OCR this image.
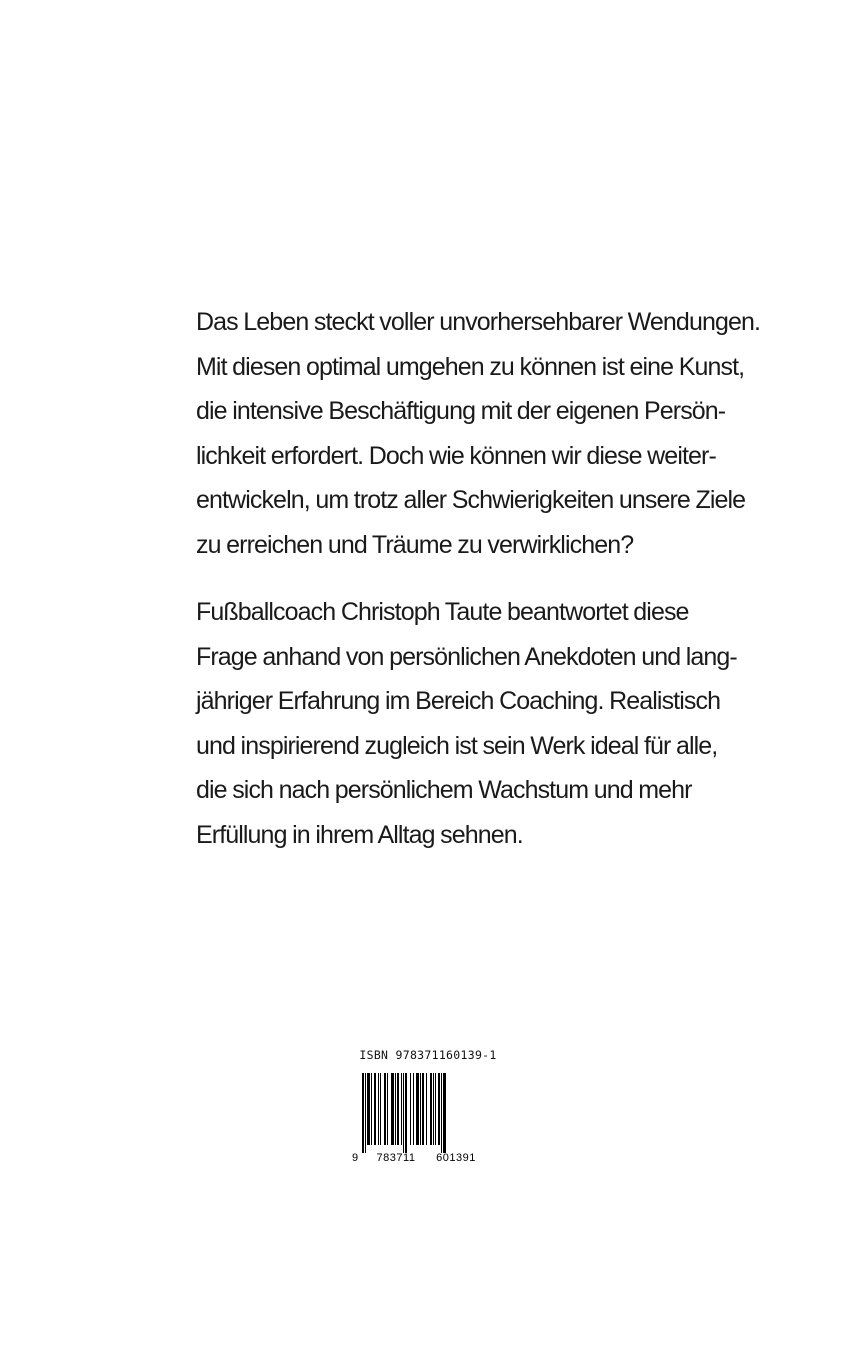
Das Leben steckt voller unvorhersehbarer Wendungen.
Mit diesen optimal umgehen zu können ist eine Kunst,
die intensive Beschäftigung mit der eigenen Persön-
lichkeit erfordert. Doch wie können wir diese weiter-
entwickeln, um trotz aller Schwierigkeiten unsere Ziele
zu erreichen und Träume zu verwirklichen?

Fußballcoach Christoph Taute beantwortet diese
Frage anhand von persönlichen Anekdoten und lang-
jähriger Erfahrung im Bereich Coaching. Realistisch
und inspirierend zugleich ist sein Werk ideal für alle,
die sich nach persönlichem Wachstum und mehr
Erfüllung in ihrem Alltag sehnen.

ISBN 978371160139-1
9 783711 601391
